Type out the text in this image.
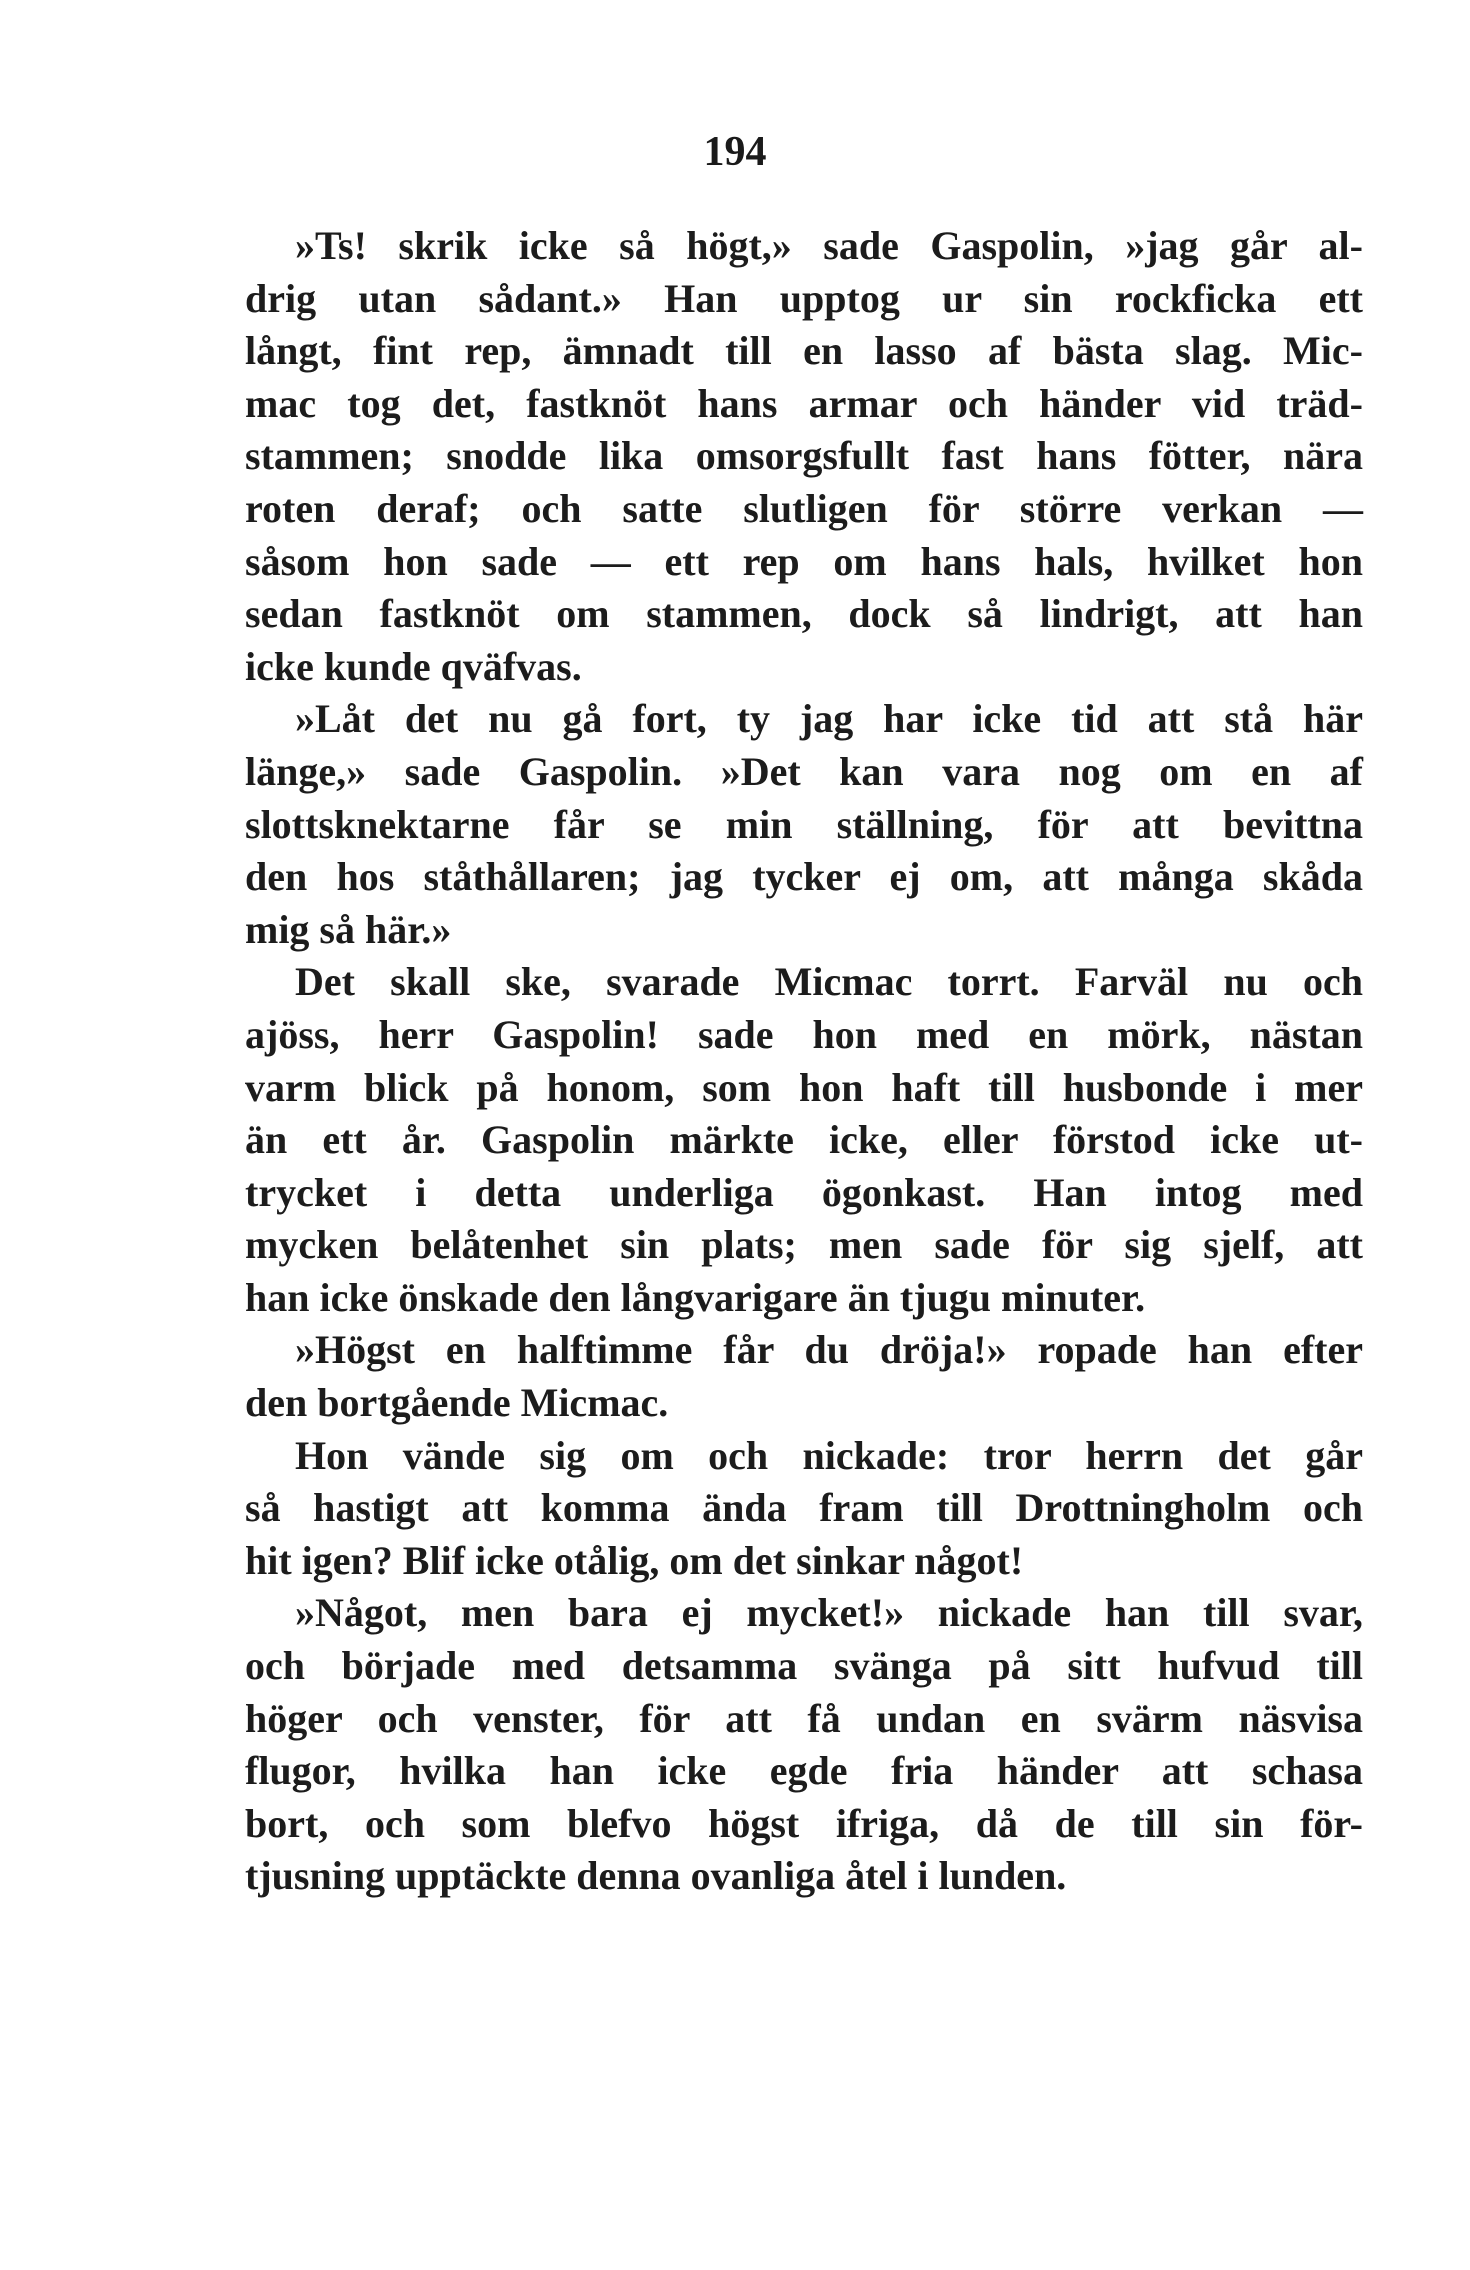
194
»Ts! skrik icke så högt,» sade Gaspolin, »jag går al-
drig utan sådant.» Han upptog ur sin rockficka ett
långt, fint rep, ämnadt till en lasso af bästa slag. Mic-
mac tog det, fastknöt hans armar och händer vid träd-
stammen; snodde lika omsorgsfullt fast hans fötter, nära
roten deraf; och satte slutligen för större verkan —
såsom hon sade — ett rep om hans hals, hvilket hon
sedan fastknöt om stammen, dock så lindrigt, att han
icke kunde qväfvas.
»Låt det nu gå fort, ty jag har icke tid att stå här
länge,» sade Gaspolin. »Det kan vara nog om en af
slottsknektarne får se min ställning, för att bevittna
den hos ståthållaren; jag tycker ej om, att många skåda
mig så här.»
Det skall ske, svarade Micmac torrt. Farväl nu och
ajöss, herr Gaspolin! sade hon med en mörk, nästan
varm blick på honom, som hon haft till husbonde i mer
än ett år. Gaspolin märkte icke, eller förstod icke ut-
trycket i detta underliga ögonkast. Han intog med
mycken belåtenhet sin plats; men sade för sig sjelf, att
han icke önskade den långvarigare än tjugu minuter.
»Högst en halftimme får du dröja!» ropade han efter
den bortgående Micmac.
Hon vände sig om och nickade: tror herrn det går
så hastigt att komma ända fram till Drottningholm och
hit igen? Blif icke otålig, om det sinkar något!
»Något, men bara ej mycket!» nickade han till svar,
och började med detsamma svänga på sitt hufvud till
höger och venster, för att få undan en svärm näsvisa
flugor, hvilka han icke egde fria händer att schasa
bort, och som blefvo högst ifriga, då de till sin för-
tjusning upptäckte denna ovanliga åtel i lunden.
